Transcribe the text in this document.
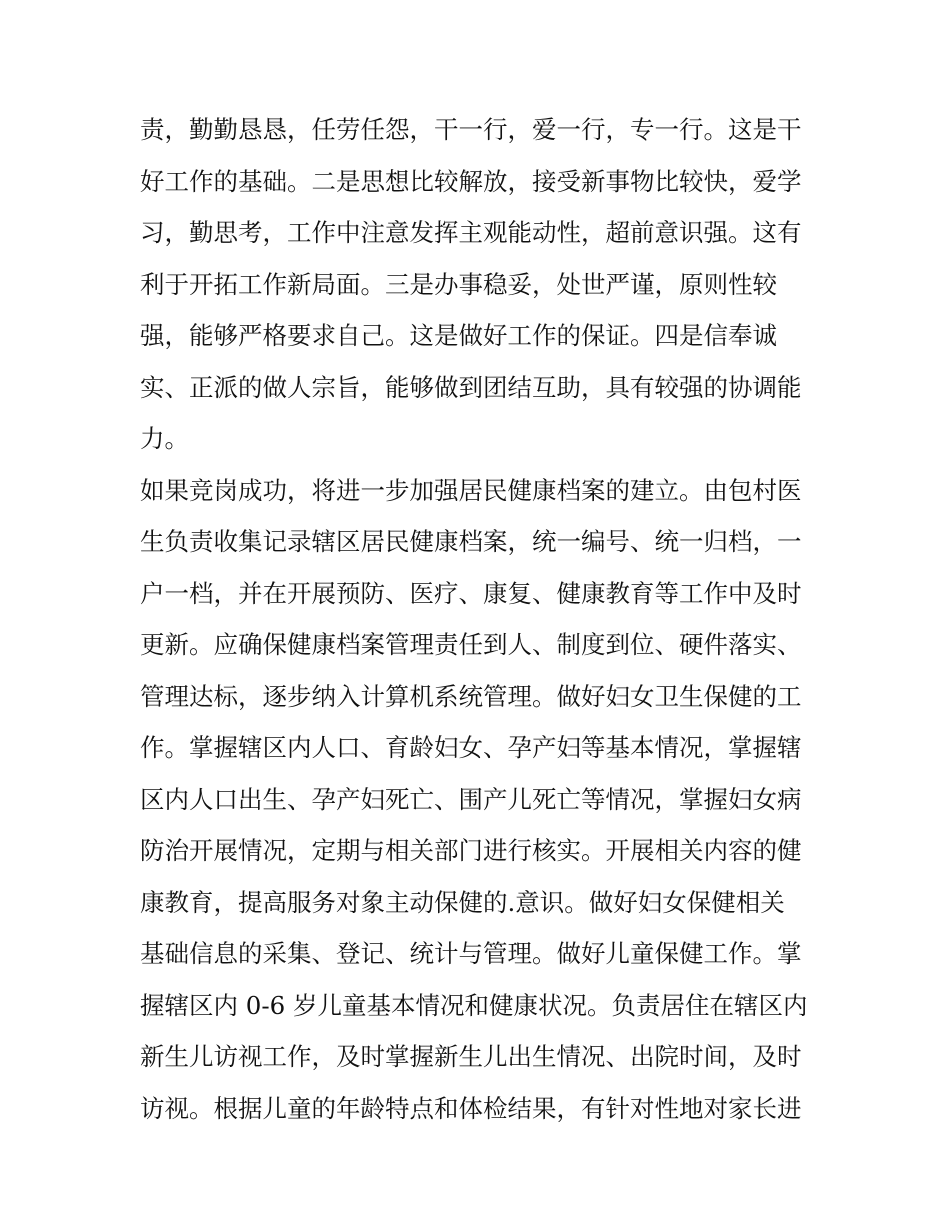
责，勤勤恳恳，任劳任怨，干一行，爱一行，专一行。这是干
好工作的基础。二是思想比较解放，接受新事物比较快，爱学
习，勤思考，工作中注意发挥主观能动性，超前意识强。这有
利于开拓工作新局面。三是办事稳妥，处世严谨，原则性较
强，能够严格要求自己。这是做好工作的保证。四是信奉诚
实、正派的做人宗旨，能够做到团结互助，具有较强的协调能
力。
如果竞岗成功，将进一步加强居民健康档案的建立。由包村医
生负责收集记录辖区居民健康档案，统一编号、统一归档，一
户一档，并在开展预防、医疗、康复、健康教育等工作中及时
更新。应确保健康档案管理责任到人、制度到位、硬件落实、
管理达标，逐步纳入计算机系统管理。做好妇女卫生保健的工
作。掌握辖区内人口、育龄妇女、孕产妇等基本情况，掌握辖
区内人口出生、孕产妇死亡、围产儿死亡等情况，掌握妇女病
防治开展情况，定期与相关部门进行核实。开展相关内容的健
康教育，提高服务对象主动保健的.意识。做好妇女保健相关
基础信息的采集、登记、统计与管理。做好儿童保健工作。掌
握辖区内 0-6 岁儿童基本情况和健康状况。负责居住在辖区内
新生儿访视工作，及时掌握新生儿出生情况、出院时间，及时
访视。根据儿童的年龄特点和体检结果，有针对性地对家长进
